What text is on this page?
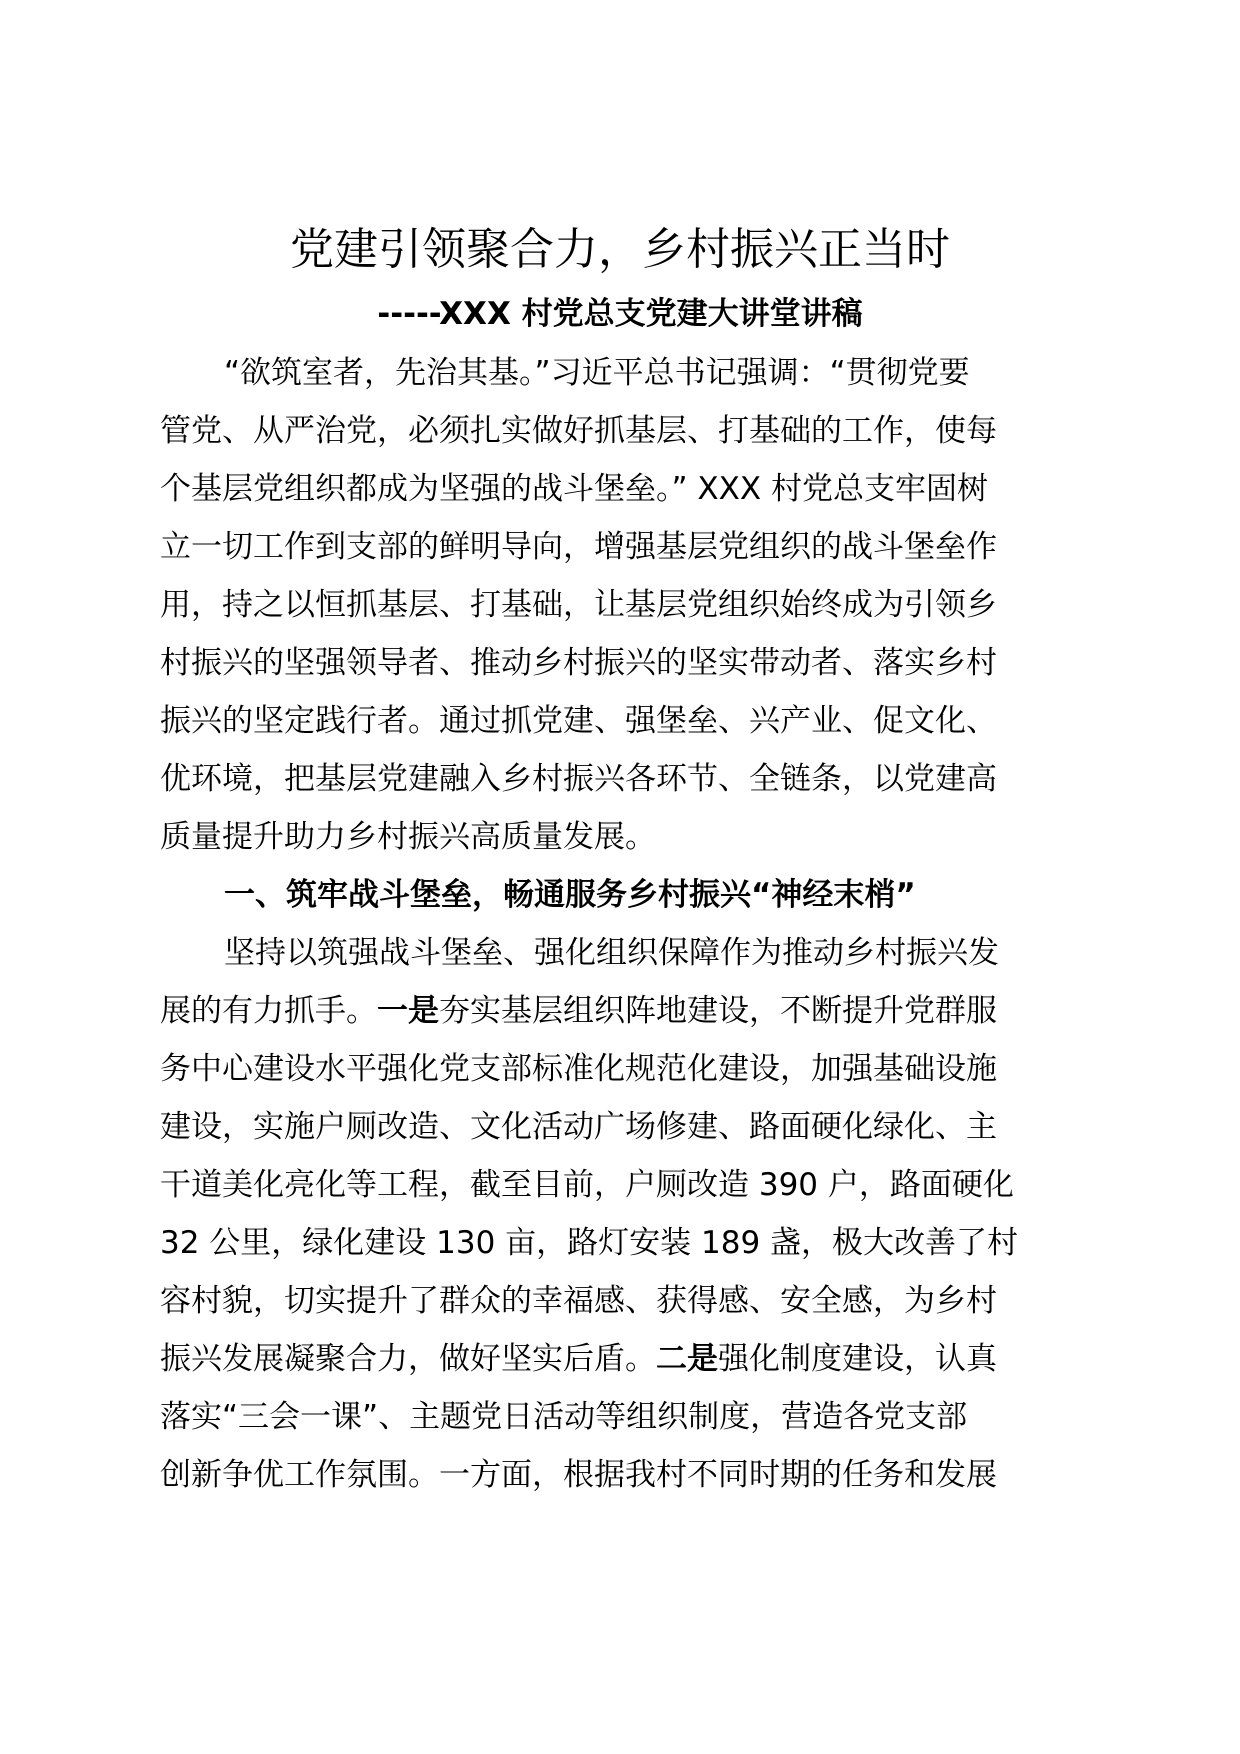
党建引领聚合力，乡村振兴正当时
-----XXX 村党总支党建大讲堂讲稿
“欲筑室者，先治其基。”习近平总书记强调：“贯彻党要
管党、从严治党，必须扎实做好抓基层、打基础的工作，使每
个基层党组织都成为坚强的战斗堡垒。” XXX 村党总支牢固树
立一切工作到支部的鲜明导向，增强基层党组织的战斗堡垒作
用，持之以恒抓基层、打基础，让基层党组织始终成为引领乡
村振兴的坚强领导者、推动乡村振兴的坚实带动者、落实乡村
振兴的坚定践行者。通过抓党建、强堡垒、兴产业、促文化、
优环境，把基层党建融入乡村振兴各环节、全链条，以党建高
质量提升助力乡村振兴高质量发展。
一、筑牢战斗堡垒，畅通服务乡村振兴“神经末梢”
坚持以筑强战斗堡垒、强化组织保障作为推动乡村振兴发
展的有力抓手。一是夯实基层组织阵地建设，不断提升党群服
务中心建设水平强化党支部标准化规范化建设，加强基础设施
建设，实施户厕改造、文化活动广场修建、路面硬化绿化、主
干道美化亮化等工程，截至目前，户厕改造 390 户，路面硬化
32 公里，绿化建设 130 亩，路灯安装 189 盏，极大改善了村
容村貌，切实提升了群众的幸福感、获得感、安全感，为乡村
振兴发展凝聚合力，做好坚实后盾。二是强化制度建设，认真
落实“三会一课”、主题党日活动等组织制度，营造各党支部
创新争优工作氛围。一方面，根据我村不同时期的任务和发展
